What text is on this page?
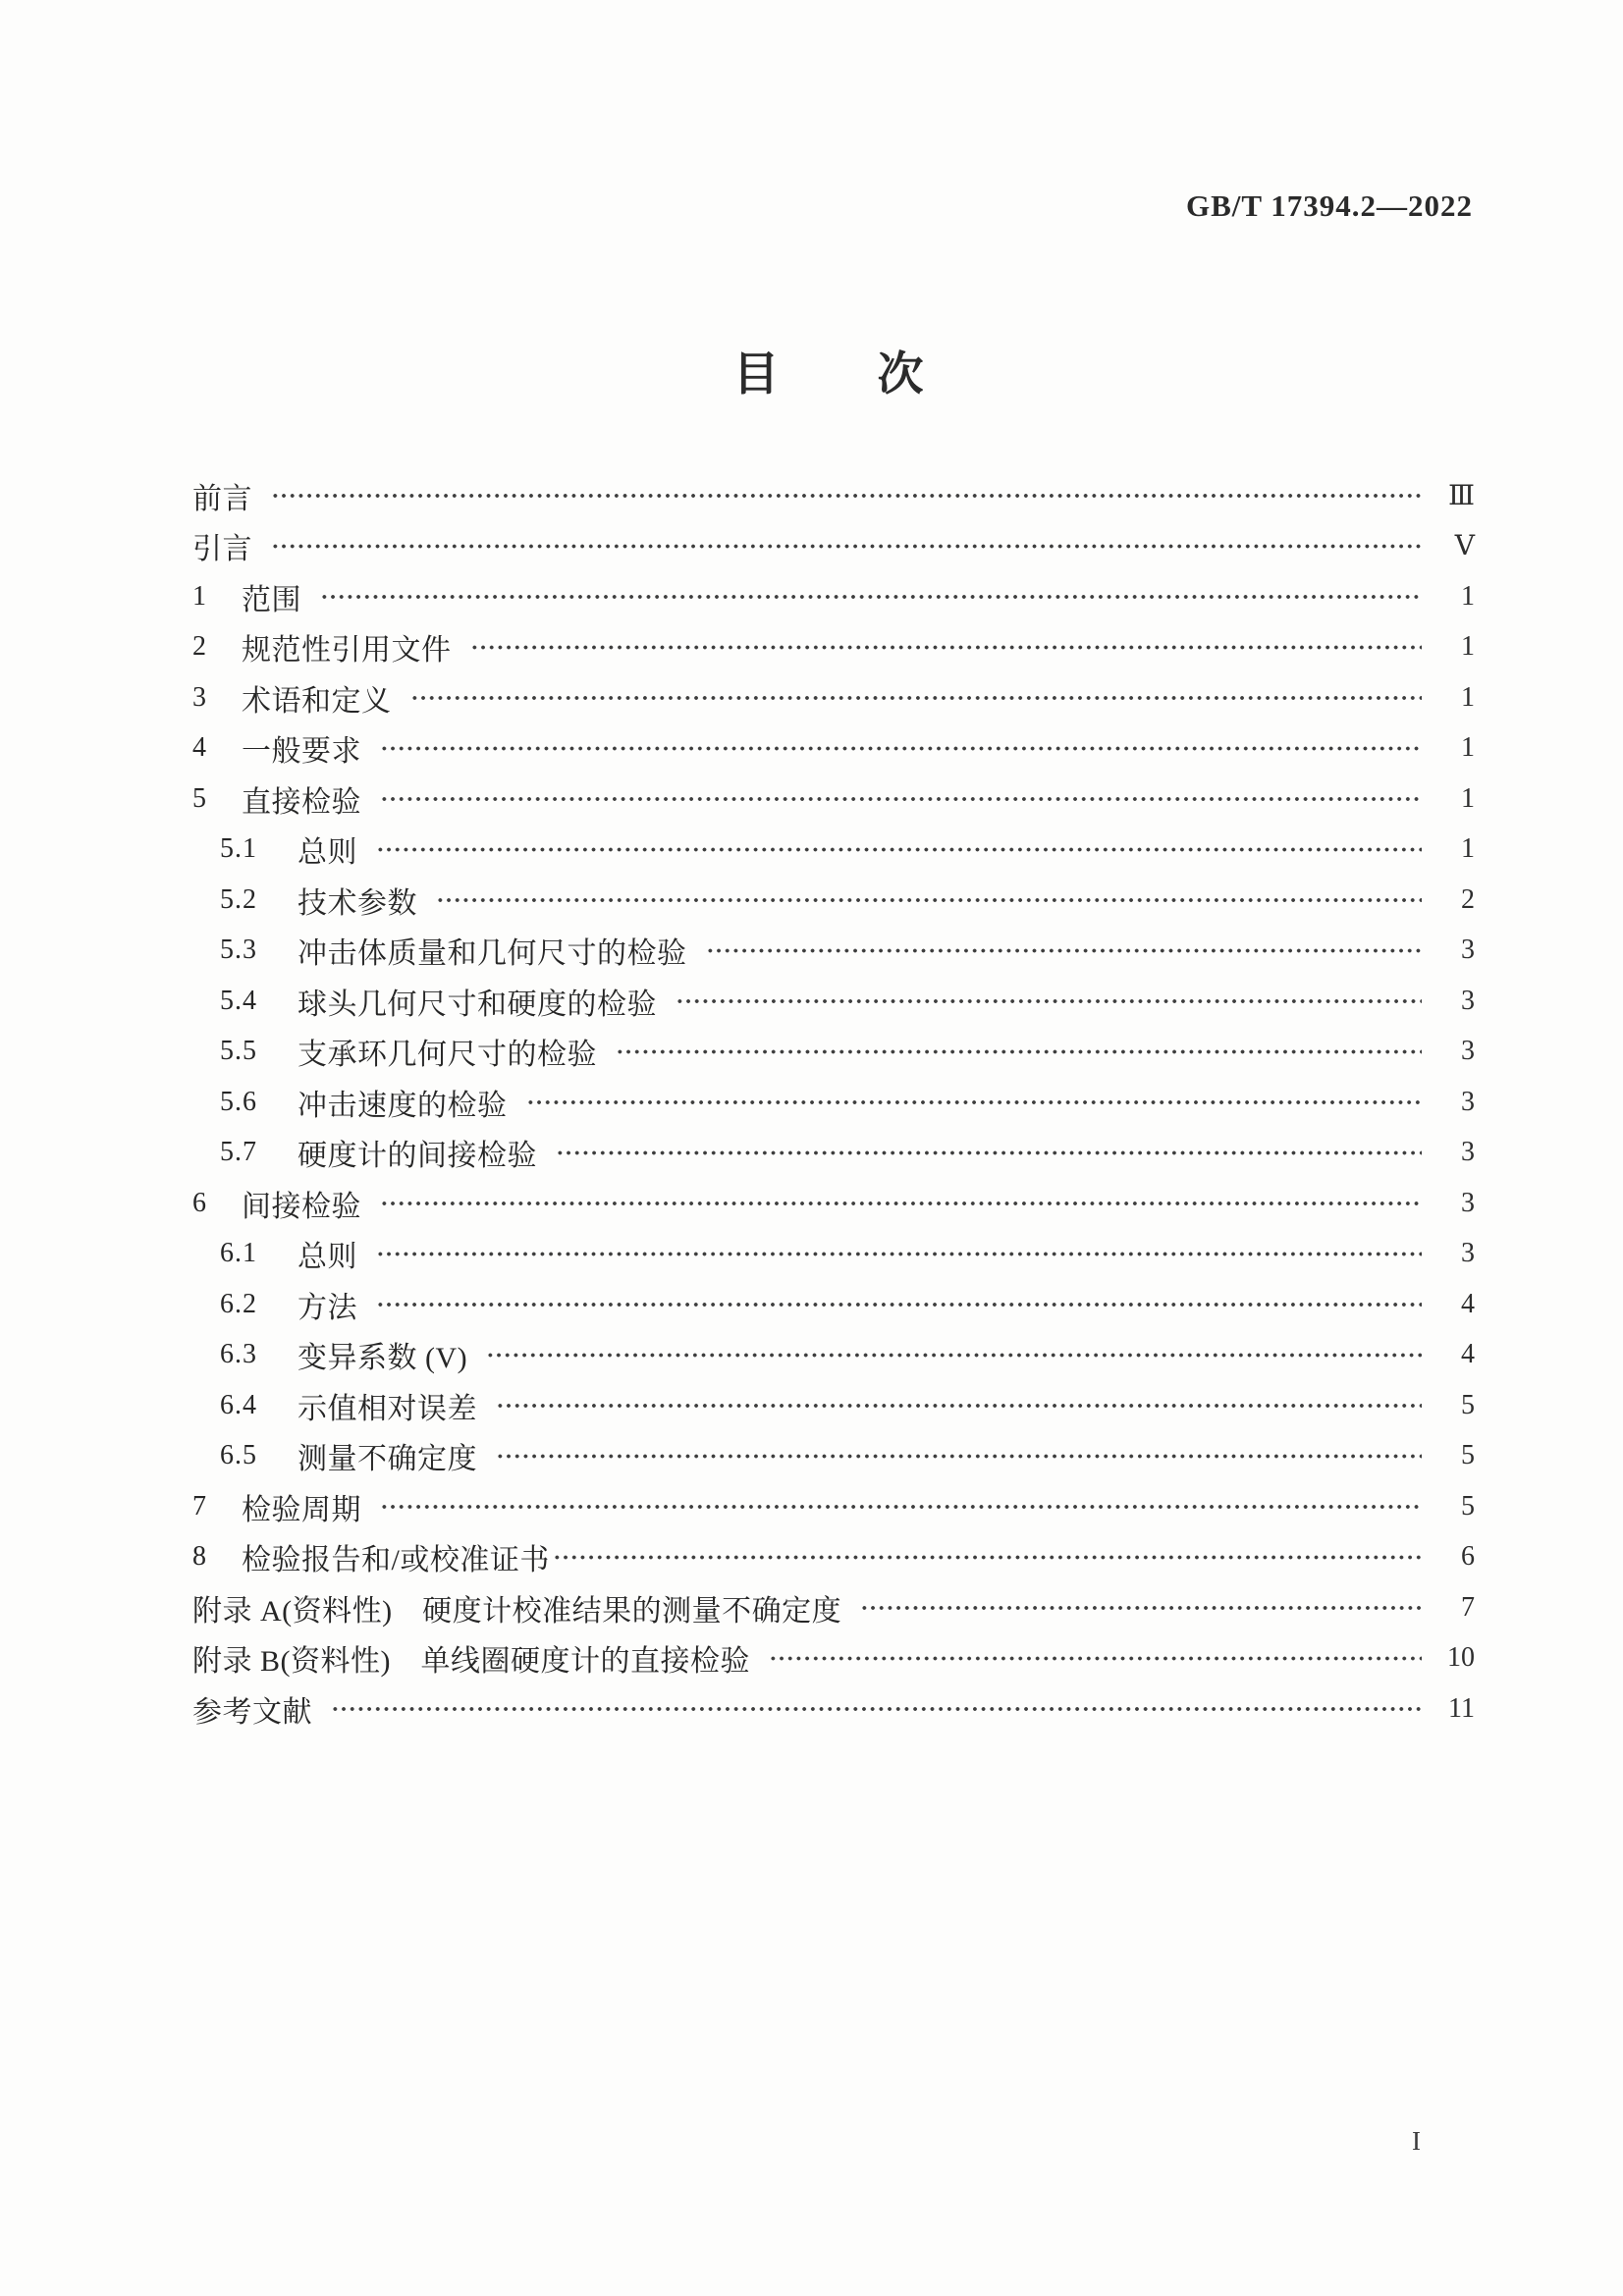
GB/T 17394.2—2022
目　　次
前言	Ⅲ
引言	Ⅴ
1	范围	1
2	规范性引用文件	1
3	术语和定义	1
4	一般要求	1
5	直接检验	1
5.1	总则	1
5.2	技术参数	2
5.3	冲击体质量和几何尺寸的检验	3
5.4	球头几何尺寸和硬度的检验	3
5.5	支承环几何尺寸的检验	3
5.6	冲击速度的检验	3
5.7	硬度计的间接检验	3
6	间接检验	3
6.1	总则	3
6.2	方法	4
6.3	变异系数 (V)	4
6.4	示值相对误差	5
6.5	测量不确定度	5
7	检验周期	5
8	检验报告和/或校准证书	6
附录 A(资料性)　硬度计校准结果的测量不确定度	7
附录 B(资料性)　单线圈硬度计的直接检验	10
参考文献	11
I
